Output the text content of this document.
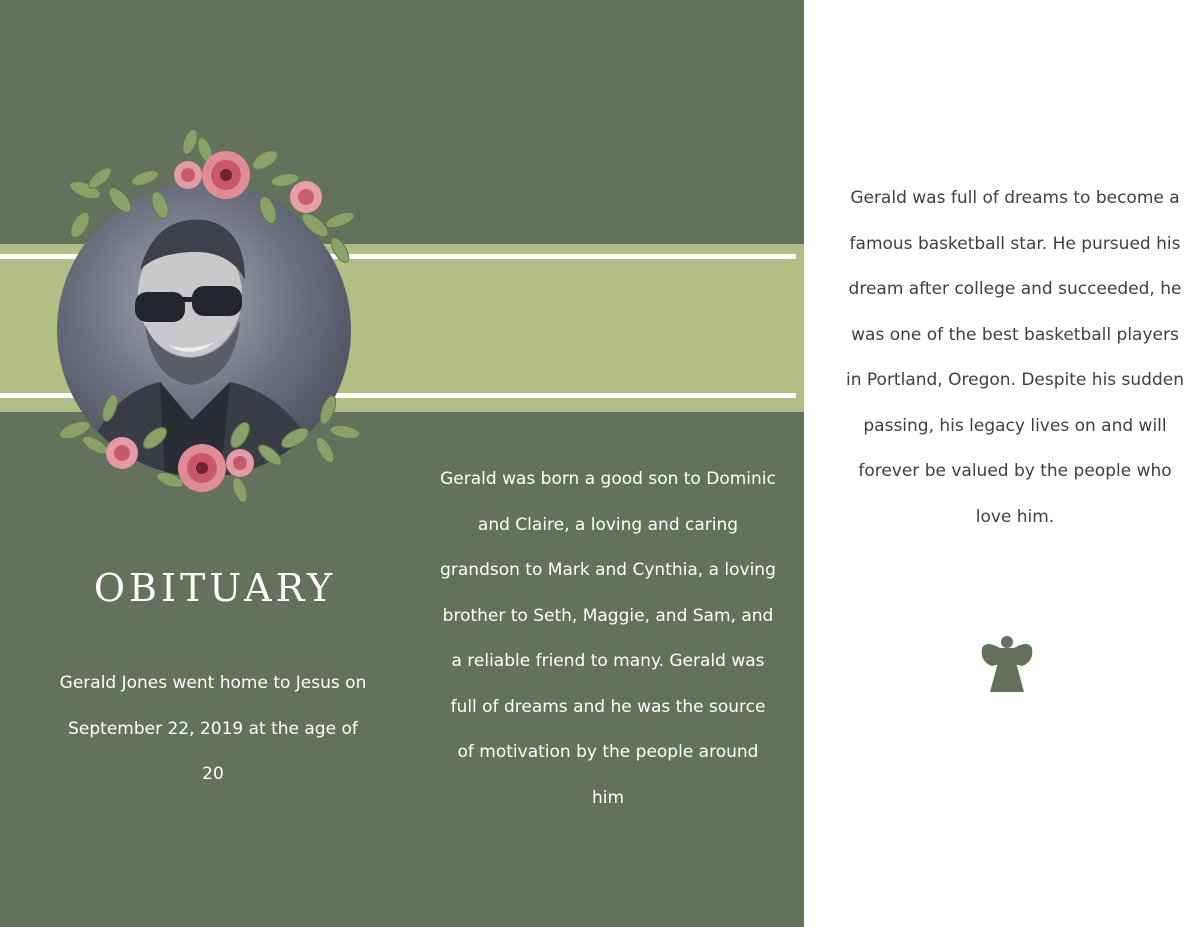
OBITUARY

Gerald Jones went home to Jesus on September 22, 2019 at the age of 20

Gerald was born a good son to Dominic and Claire, a loving and caring grandson to Mark and Cynthia, a loving brother to Seth, Maggie, and Sam, and a reliable friend to many. Gerald was full of dreams and he was the source of motivation by the people around him

Gerald was full of dreams to become a famous basketball star. He pursued his dream after college and succeeded, he was one of the best basketball players in Portland, Oregon. Despite his sudden passing, his legacy lives on and will forever be valued by the people who love him.
